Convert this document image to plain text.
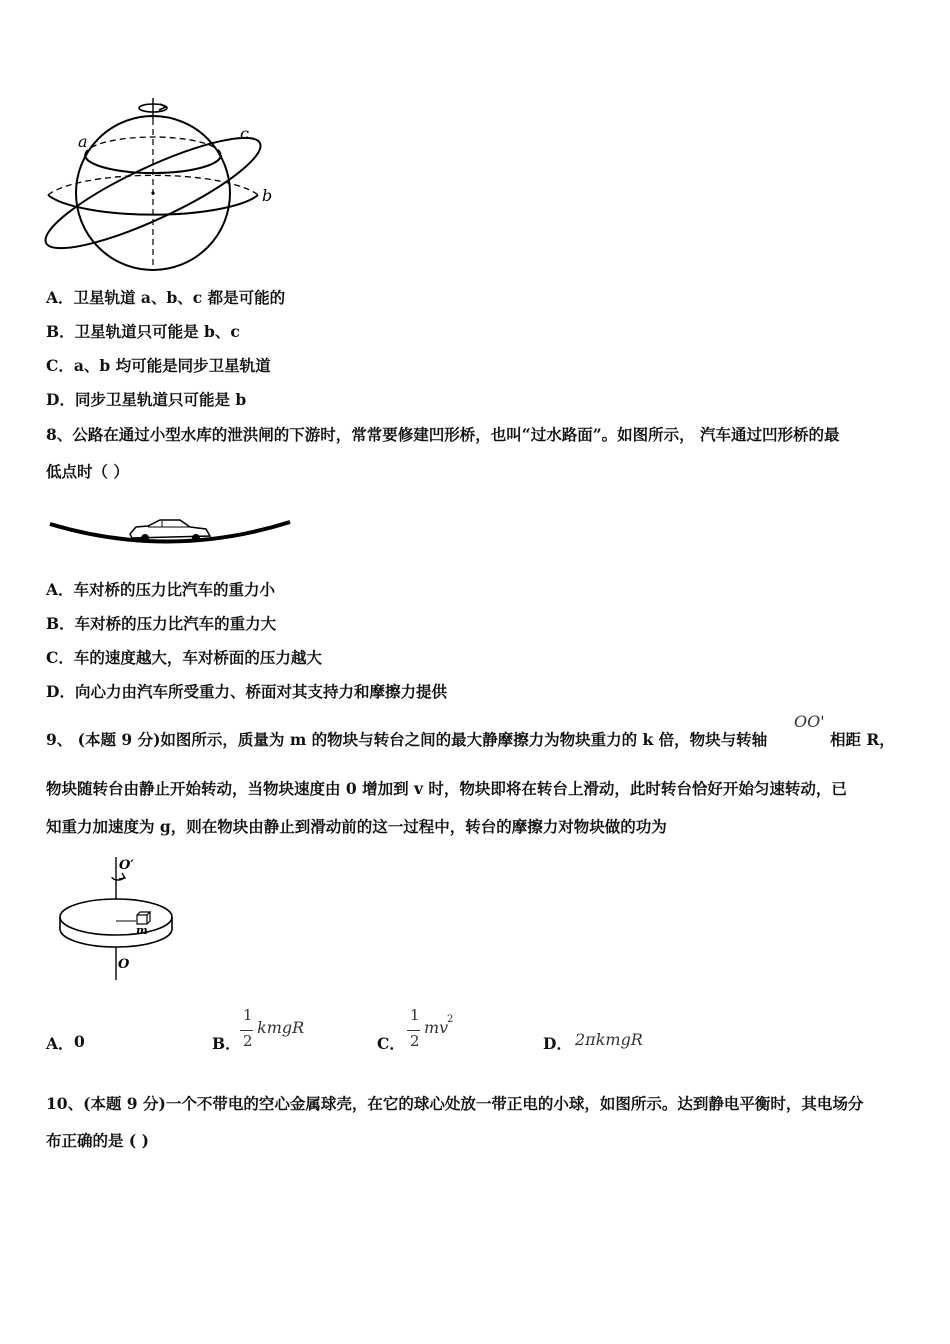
a	c
b
A．卫星轨道 a、b、c 都是可能的
B．卫星轨道只可能是 b、c
C．a、b 均可能是同步卫星轨道
D．同步卫星轨道只可能是 b
8、公路在通过小型水库的泄洪闸的下游时，常常要修建凹形桥，也叫“过水路面”。如图所示， 汽车通过凹形桥的最
低点时（ ）
A．车对桥的压力比汽车的重力小
B．车对桥的压力比汽车的重力大
C．车的速度越大，车对桥面的压力越大
D．向心力由汽车所受重力、桥面对其支持力和摩擦力提供
9、 (本题 9 分)如图所示，质量为 m 的物块与转台之间的最大静摩擦力为物块重力的 k 倍，物块与转轴
OO'
相距 R，
物块随转台由静止开始转动，当物块速度由 0 增加到 v 时，物块即将在转台上滑动，此时转台恰好开始匀速转动，已
知重力加速度为 g，则在物块由静止到滑动前的这一过程中，转台的摩擦力对物块做的功为
O′
O
m
A． 0	B．
1
2
kmgR
C．
1
2
mv
2
D． 2πkmgR
10、(本题 9 分)一个不带电的空心金属球壳，在它的球心处放一带正电的小球，如图所示。达到静电平衡时，其电场分
布正确的是 ( )
